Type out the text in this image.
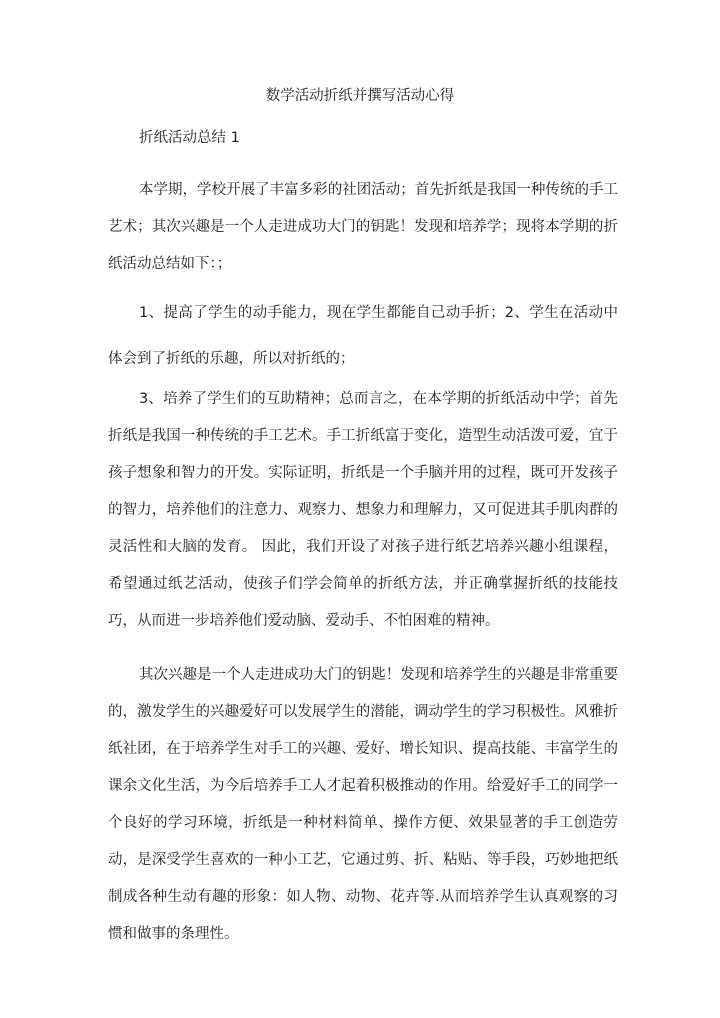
数学活动折纸并撰写活动心得
折纸活动总结 1

本学期，学校开展了丰富多彩的社团活动；首先折纸是我国一种传统的手工艺术；其次兴趣是一个人走进成功大门的钥匙！发现和培养学；现将本学期的折纸活动总结如下：；

1、提高了学生的动手能力，现在学生都能自己动手折；2、学生在活动中体会到了折纸的乐趣，所以对折纸的；

3、培养了学生们的互助精神；总而言之，在本学期的折纸活动中学；首先折纸是我国一种传统的手工艺术。手工折纸富于变化，造型生动活泼可爱，宜于孩子想象和智力的开发。实际证明，折纸是一个手脑并用的过程，既可开发孩子的智力，培养他们的注意力、观察力、想象力和理解力，又可促进其手肌肉群的灵活性和大脑的发育。 因此，我们开设了对孩子进行纸艺培养兴趣小组课程，希望通过纸艺活动，使孩子们学会简单的折纸方法，并正确掌握折纸的技能技巧，从而进一步培养他们爱动脑、爱动手、不怕困难的精神。

其次兴趣是一个人走进成功大门的钥匙！发现和培养学生的兴趣是非常重要的，激发学生的兴趣爱好可以发展学生的潜能，调动学生的学习积极性。风雅折纸社团，在于培养学生对手工的兴趣、爱好、增长知识、提高技能、丰富学生的课余文化生活，为今后培养手工人才起着积极推动的作用。给爱好手工的同学一个良好的学习环境，折纸是一种材料简单、操作方便、效果显著的手工创造劳动，是深受学生喜欢的一种小工艺，它通过剪、折、粘贴、等手段，巧妙地把纸制成各种生动有趣的形象：如人物、动物、花卉等.从而培养学生认真观察的习惯和做事的条理性。
